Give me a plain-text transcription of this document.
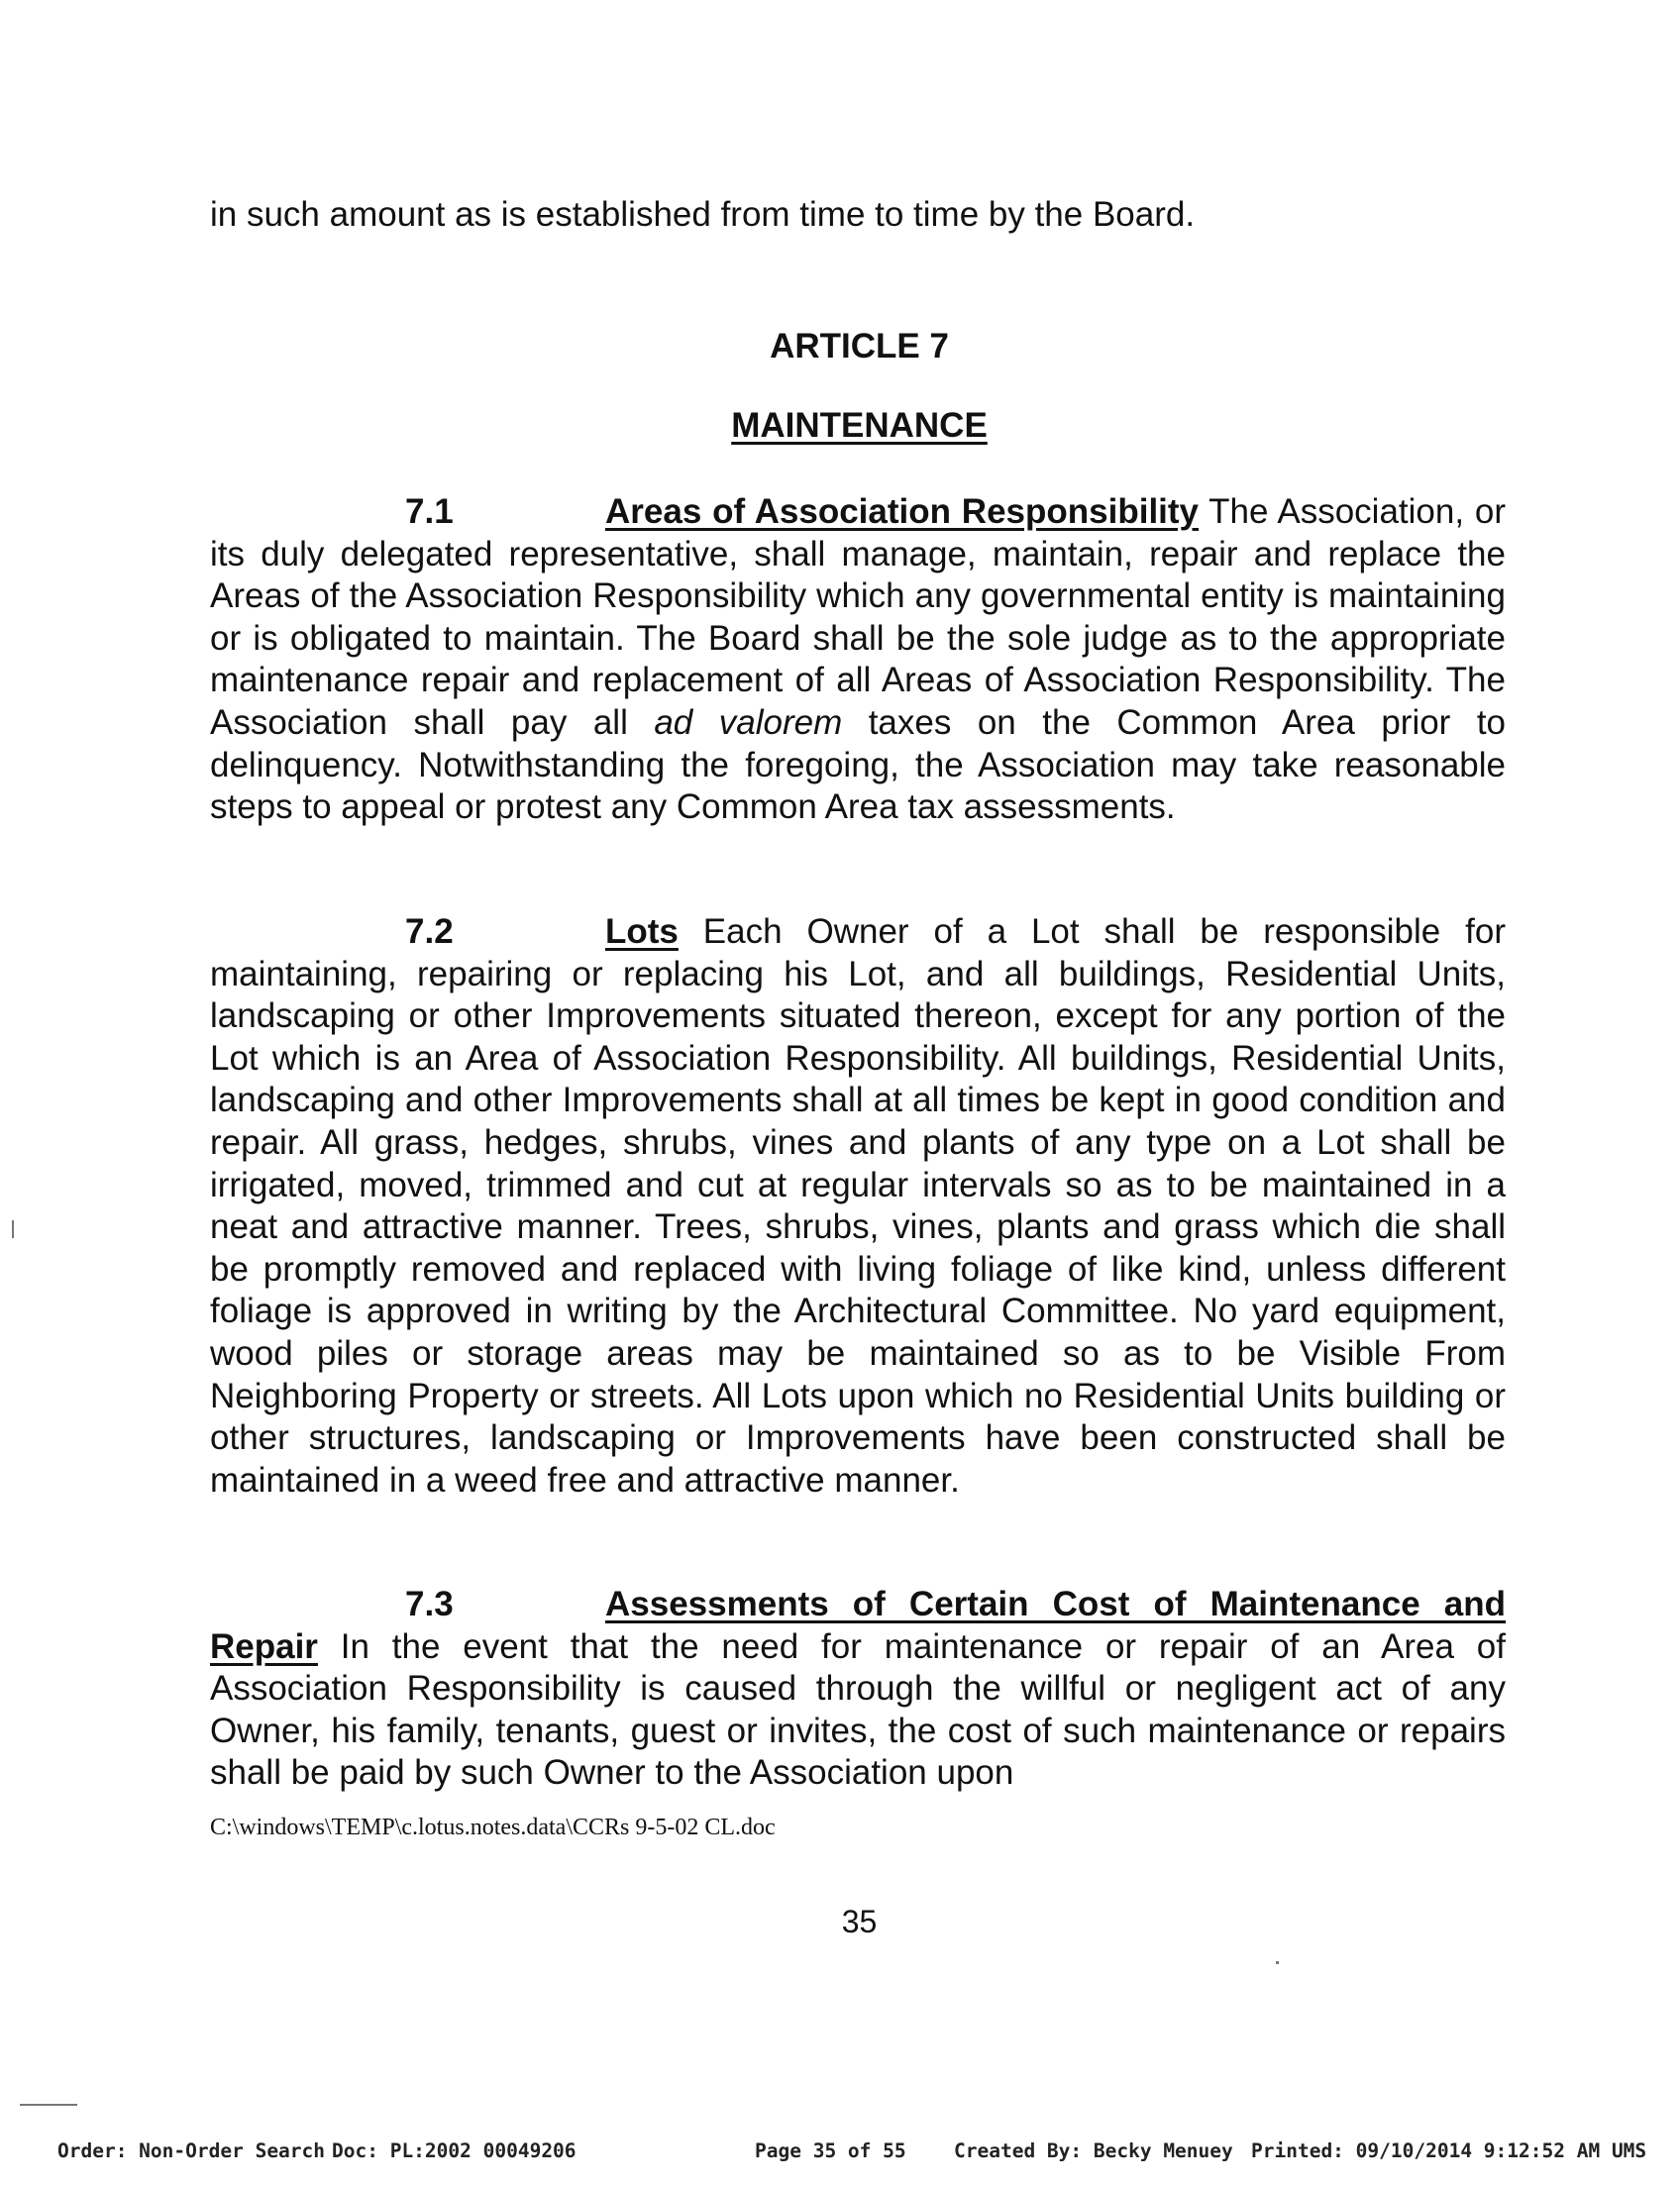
in such amount as is established from time to time by the Board.

ARTICLE 7

MAINTENANCE

7.1	Areas of Association Responsibility The Association, or its duly delegated representative, shall manage, maintain, repair and replace the Areas of the Association Responsibility which any governmental entity is maintaining or is obligated to maintain. The Board shall be the sole judge as to the appropriate maintenance repair and replacement of all Areas of Association Responsibility. The Association shall pay all ad valorem taxes on the Common Area prior to delinquency. Notwithstanding the foregoing, the Association may take reasonable steps to appeal or protest any Common Area tax assessments.

7.2	Lots Each Owner of a Lot shall be responsible for maintaining, repairing or replacing his Lot, and all buildings, Residential Units, landscaping or other Improvements situated thereon, except for any portion of the Lot which is an Area of Association Responsibility. All buildings, Residential Units, landscaping and other Improvements shall at all times be kept in good condition and repair. All grass, hedges, shrubs, vines and plants of any type on a Lot shall be irrigated, moved, trimmed and cut at regular intervals so as to be maintained in a neat and attractive manner. Trees, shrubs, vines, plants and grass which die shall be promptly removed and replaced with living foliage of like kind, unless different foliage is approved in writing by the Architectural Committee. No yard equipment, wood piles or storage areas may be maintained so as to be Visible From Neighboring Property or streets. All Lots upon which no Residential Units building or other structures, landscaping or Improvements have been constructed shall be maintained in a weed free and attractive manner.

7.3	Assessments of Certain Cost of Maintenance and Repair In the event that the need for maintenance or repair of an Area of Association Responsibility is caused through the willful or negligent act of any Owner, his family, tenants, guest or invites, the cost of such maintenance or repairs shall be paid by such Owner to the Association upon

C:\windows\TEMP\c.lotus.notes.data\CCRs 9-5-02 CL.doc

35

Order: Non-Order Search Doc: PL:2002 00049206	Page 35 of 55 Created By: Becky Menuey Printed: 09/10/2014 9:12:52 AM UMS
